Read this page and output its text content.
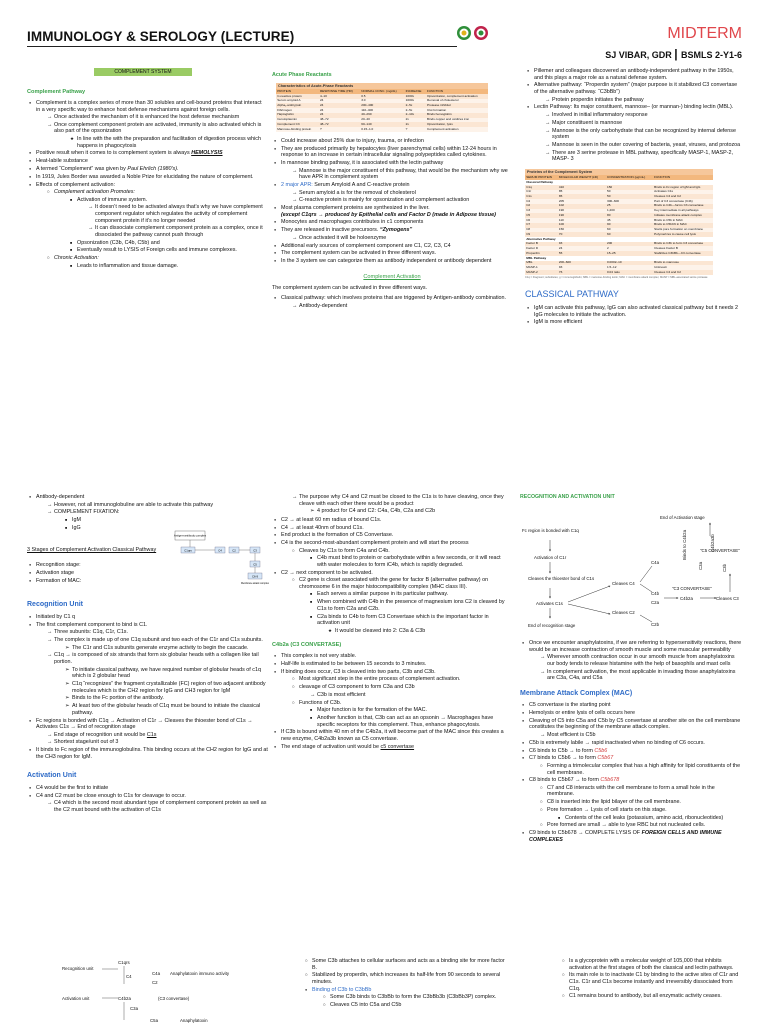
IMMUNOLOGY & SEROLOGY (LECTURE)	MIDTERM
SJ VIBAR, GDR | BSMLS 2-Y1-6
COMPLEMENT SYSTEM
Complement Pathway
● Complement is a complex series of more than 30 solubles and cell-bound proteins that interact in a very specific way to enhance host defense mechanisms against foreign cells.
→ Once activated the mechanism of it is enhanced the host defense mechanism
→ Once complement component protein are activated, immunity is also activated which is also part of the opsonization
★ In line with the with the preparation and facilitation of digestion process which happens in phagocytosis
● Positive result when it comes to is complement system is always HEMOLYSIS
● Heat-labile substance
● A termed “Complement” was given by Paul Ehrlich (1980’s).
● In 1919, Jules Border was awarded a Noble Prize for elucidating the nature of complement.
● Effects of complement activation:
○ Complement activation Promotes:
■ Activation of immune system.
→ It doesn’t need to be activated always that’s why we have complement component regulator which regulates the activity of complement component protein if it’s no longer needed
→ It can dissociate complement component protein as a complex, once it dissociated the pathway cannot push through
■ Opsonization (C3b, C4b, C5b) and
■ Eventually result to LYSIS of Foreign cells and immune complexes.
○ Chronic Activation:
■ Leads to inflammation and tissue damage.
Acute Phase Reactants
Characteristics of Acute-Phase Reactants
PROTEIN	RESPONSE TIME (HR)	NORMAL CONC. (mg/dL)	INCREASE	FUNCTION
C-reactive protein	4–10	0.5	1000x	Opsonization, complement activation
Serum amyloid A	24	3.0	1000x	Removal of cholesterol
Alpha₁-antitrypsin	24	200–400	2–5x	Protease inhibitor
Fibrinogen	24	110–400	2–5x	Clot formation
Haptoglobin	24	40–290	2–10x	Binds hemoglobin
Ceruloplasmin	48–72	20–40	2x	Binds copper and oxidizes iron
Complement C3	48–72	60–140	2x	Opsonization, lysis
Mannose-binding protein	?	0.15–1.0	?	Complement activation
● Could increase about 25% due to injury, trauma, or infection
● They are produced primarily by hepatocytes (liver parenchymal cells) within 12-24 hours in response to an increase in certain intracellular signaling polypeptides called cytokines.
● In mannose binding pathway, it is associated with the lectin pathway
→ Mannose is the major constituent of this pathway, that would be the mechanism why we have APR in complement system
● 2 major APR: Serum Amyloid A and C-reactive protein
→ Serum amyloid a is for the removal of cholesterol
→ C-reactive protein is mainly for opsonization and complement activation
● Most plasma complement proteins are synthesized in the liver.
(except C1qrs → produced by Epithelial cells and Factor D (made in Adipose tissue)
● Monocytes and macrophages contributes in c1 components
● They are released in inactive precursors. “Zymogens”
→ Once activated it will be holoenzyme
● Additional early sources of complement component are C1, C2, C3, C4
● The complement system can be activated in three different ways.
● In the 3 system we can categorize them as antibody independent or antibody dependent
Complement Activation
The complement system can be activated in three different ways.
● Classical pathway: which involves proteins that are triggered by Antigen-antibody combination.
→ Antibody-dependent
● Pillemer and colleagues discovered an antibody-independent pathway in the 1950s, and this plays a major role as a natural defense system.
● Alternative pathway: “Properdin system” (major purpose is it stabilized C3 convertase of the alternative pathway. “C3bBb”)
→ Protein properdin initiates the pathway
● Lectin Pathway: Its major constituent, mannose– (or mannan-) binding lectin (MBL).
→ Involved in initial inflammatory response
→ Major constituent is mannose
→ Mannose is the only carbohydrate that can be recognized by internal defense system
→ Mannose is seen in the outer covering of bacteria, yeast, viruses, and protozoa
→ There are 3 serine protease in MBL pathway, specifically MASP-1, MASP-2, MASP- 3
Proteins of the Complement System
SERUM PROTEIN	MOLECULAR WEIGHT (kD)	CONCENTRATION (µg/mL)	FUNCTION
Classical Pathway			
C1q	410	150	Binds to Fc region of IgM and IgG
C1r	85	50	Activates C1s
C1s	85	50	Cleaves C4 and C2
C4	205	300–600	Part of C3 convertase (C4b)
C2	102	25	Binds to C4b—forms C3 convertase
C3	190	1,200	Key intermediate in all pathways
C5	190	80	Initiates membrane attack complex
C6	110	45	Binds to C5b in MAC
C7	100	90	Binds to C5bC6 in MAC
C8	150	60	Starts pore formation on membrane
C9	70	60	Polymerizes to cause cell lysis
Alternative Pathway			
Factor B	93	200	Binds to C3b to form C3 convertase
Factor D	24	2	Cleaves Factor B
Properdin	55	15–25	Stabilizes C3bBb—C3 convertase
MBL Pathway			
MBL	200–600	0.0002–10	Binds to mannose
MASP-1	93	1.5–12	Unknown
MASP-2	76	0.04 ratio	Cleaves C4 and C2
C1q = Fragment; substitutes; g = immunoglobulin; MBL = mannose-binding lectin; MAC = membrane attack complex; MASP = MBL-associated serine protease
CLASSICAL PATHWAY
● IgM can activate this pathway, IgG can also activated classical pathway but it needs 2 IgG molecules to initiate the activation.
● IgM is more efficient
● Antibody-dependent
→ However, not all immunoglobuline are able to activate this pathway
→ COMPLEMENT FIXATION:
■ IgM
■ IgG
3 Stages of Complement Activation Classical Pathway
● Recognition stage:
● Activation stage
● Formation of MAC:
Antigen-antibody complex
C1qrs	C4	C2	C3
C5
C6-9
Membrane attack complex
Recognition Unit
● Initiated by C1 q
● The first complement component to bind is C1.
→ Three subunits: C1q, C1r, C1s.
→ The complex is made up of one C1q subunit and two each of the C1r and C1s subunits.
➢ The C1r and C1s subunits generate enzyme activity to begin the cascade.
→ C1q → is composed of six strands that form six globular heads with a collagen like tail portion.
➢ To initiate classical pathway, we have required number of globular heads of c1q which is 2 globular head
➢ C1q “recognizes” the fragment crystallizable (FC) region of two adjacent antibody molecules which is the CH2 region for IgG and CH3 region for IgM
➢ Binds to the Fc portion of the antibody.
➢ At least two of the globular heads of C1q must be bound to initiate the classical pathway.
● Fc regions is bonded with C1q → Activation of C1r → Cleaves the thioester bond of C1s → Activates C1s → End of recognition stage
→ End stage of recognition unit would be C1s
→ Shortest stage/unit out of 3
● It binds to Fc region of the immunoglobulins. This binding occurs at the CH2 region for IgG and at the CH3 region for IgM.
Activation Unit
● C4 would be the first to initiate
● C4 and C2 must be close enough to C1s for cleavage to occur.
→ C4 which is the second most abundant type of complement component protein as well as the C2 must bound with the activation of C1s
→ The purpose why C4 and C2 must be closed to the C1s is to have cleaving, once they cleave with each other there would be a product
➢ 4 product for C4 and C2: C4a, C4b, C2a and C2b
● C2 → at least 60 nm radius of bound C1s.
● C4 → at least 40nm of bound C1s.
● End product is the formation of C5 Convertase.
● C4 is the second-most-abundant complement protein and will start the process
○ Cleaves by C1s to form C4a and C4b.
■ C4b must bind to protein or carbohydrate within a few seconds, or it will react with water molecules to form iC4b, which is rapidly degraded.
● C2 → next component to be activated.
○ C2 gene is closet associated with the gene for factor B (alternative pathway) on chromosome 6 in the major histocompatibility complex (MHC class III).
■ Each serves a similar purpose in its particular pathway.
■ When combined with C4b in the presence of magnesium ions C2 is cleaved by C1s to form C2a and C2b.
■ C2a binds to C4b to form C3 Convertase which is the important factor in activation unit
★ It would be cleaved into 2: C3a & C3b
C4b2a (C3 CONVERTASE)
● This complex is not very stable.
● Half-life is estimated to be between 15 seconds to 3 minutes.
● If binding does occur, C3 is cleaved into two parts, C3b and C3b.
○ Most significant step in the entire process of complement activation.
○ cleavage of C3 component to form C3a and C3b
→ C3b is most efficient
○ Functions of C3b.
■ Major function is for the formation of the MAC.
■ Another function is that, C3b can act as an opsonin → Macrophages have specific receptors for this complement. Thus, enhance phagocytosis.
● If C3b is bound within 40 nm of the C4b2a, it will become part of the MAC since this creates a new enzyme, C4b2a3b known as C5 convertase.
● The end stage of activation unit would be c5 convertase
RECOGNITION AND ACTIVATION UNIT
End of Activation stage
Fc region is bonded with C1q
Activation of C1r
Cleaves the thioester bond of C1s
Activates C1s
End of recognition stage
Cleaves C4
Cleaves C2
C4a
C4b
C2a
C2b
"C3 CONVERTASE"
C4b2a	Cleaves C3
"C5 CONVERTASE"
C3a	C3b
C4b2a3b
Binds to C4b2a
● Once we encounter anaphylatoxins, if we are referring to hypersensitivity reactions, there would be an increase contraction of smooth muscle and some muscular permeability
→ Wherever smooth contraction occur in our smooth muscle from anaphylatoxins our body tends to release histamine with the help of basophils and mast cells
→ In complement activation, the most applicable in invading those anaphylatoxins are C3a, C4a, and C5a
Membrane Attack Complex (MAC)
● C5 convertase is the starting point
● Hemolysis or entire lysis of cells occurs here
● Cleaving of C5 into C5a and C5b by C5 convertase at another site on the cell membrane constitutes the beginning of the membrane attack complex.
→ Most efficient is C5b
● C5b is extremely labile → rapid inactivated when no binding of C6 occurs.
● C6 binds to C5b → to form C5b6
● C7 binds to C5b6 → to form C5b67
○ Forming a trimolecular complex that has a high affinity for lipid constituents of the cell membrane.
● C8 binds to C5b67 → to form C5b678
○ C7 and C8 interacts with the cell membrane to form a small hole in the membrane.
○ C8 is inserted into the lipid bilayer of the cell membrane.
○ Pore formation → Lysis of cell starts on this stage.
■ Contents of the cell leaks (potassium, amino acid, ribonucleotides)
○ Pore formed are small → able to lyse RBC but not nucleated cells.
● C9 binds to C5b678 → COMPLETE LYSIS OF FOREIGN CELLS AND IMMUNE COMPLEXES
Recognition unit
C1qrs
C4
C4a
C2
Anaphylatoxin immuno activity
Activation unit	C4b2a	(C3 convertase)
C3a
C5a	Anaphylatoxin
○ Some C3b attaches to cellular surfaces and acts as a binding site for more factor B.
○ Stabilized by properdin, which increases its half-life from 90 seconds to several minutes.
● Binding of C3b to C3bBb
○ Some C3b binds to C3bBb to form the C3bBb3b (C3bBb3P) complex.
○ Cleaves C5 into C5a and C5b
○ Is a glycoprotein with a molecular weight of 105,000 that inhibits activation at the first stages of both the classical and lectin pathways.
○ Its main role is to inactivate C1 by binding to the active sites of C1r and C1s. C1r and C1s become instantly and irreversibly dissociated from C1q.
○ C1 remains bound to antibody, but all enzymatic activity ceases.
